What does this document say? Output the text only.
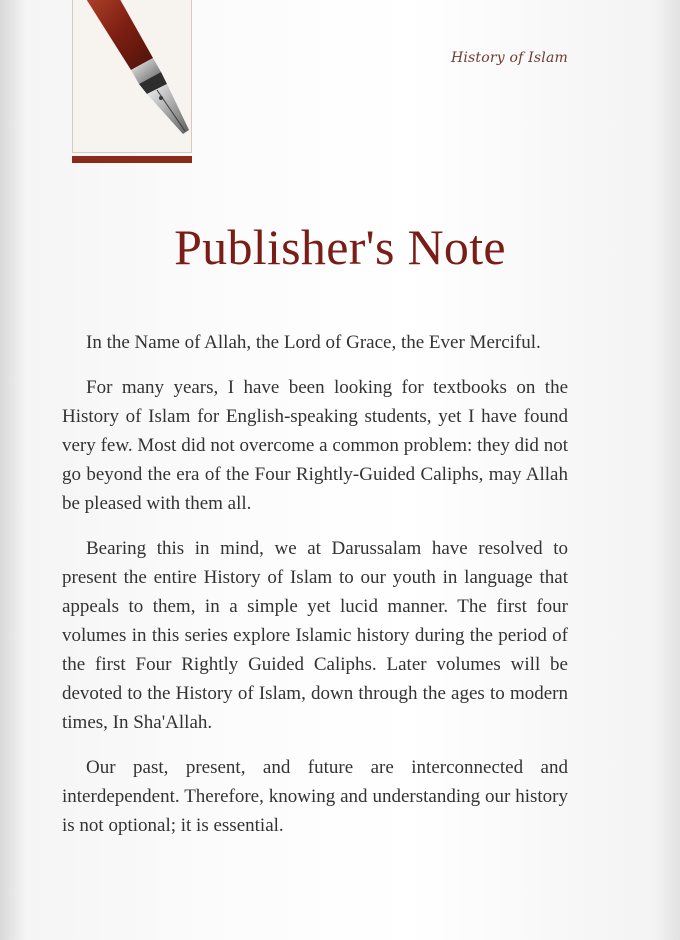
History of Islam
Publisher's Note

In the Name of Allah, the Lord of Grace, the Ever Merciful.

For many years, I have been looking for textbooks on the History of Islam for English-speaking students, yet I have found very few. Most did not overcome a common problem: they did not go beyond the era of the Four Rightly-Guided Caliphs, may Allah be pleased with them all.

Bearing this in mind, we at Darussalam have resolved to present the entire History of Islam to our youth in language that appeals to them, in a simple yet lucid manner. The first four volumes in this series explore Islamic history during the period of the first Four Rightly Guided Caliphs. Later volumes will be devoted to the History of Islam, down through the ages to modern times, In Sha'Allah.

Our past, present, and future are interconnected and interdependent. Therefore, knowing and understanding our history is not optional; it is essential.
